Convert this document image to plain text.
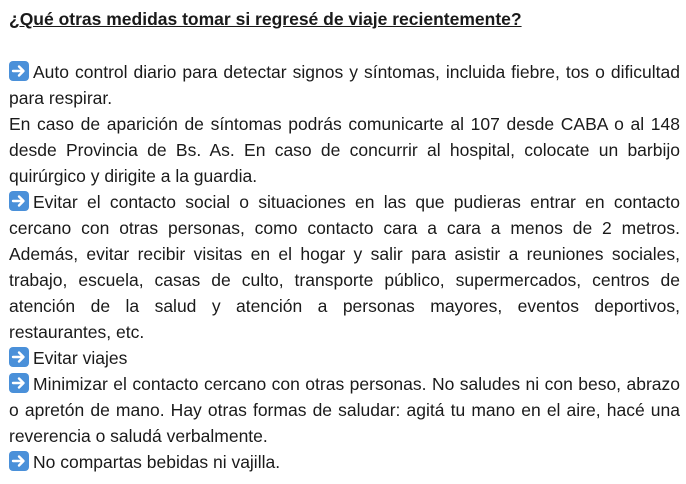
¿Qué otras medidas tomar si regresé de viaje recientemente?

Auto control diario para detectar signos y síntomas, incluida fiebre, tos o dificultad para respirar.

En caso de aparición de síntomas podrás comunicarte al 107 desde CABA o al 148 desde Provincia de Bs. As. En caso de concurrir al hospital, colocate un barbijo quirúrgico y dirigite a la guardia.

Evitar el contacto social o situaciones en las que pudieras entrar en contacto cercano con otras personas, como contacto cara a cara a menos de 2 metros. Además, evitar recibir visitas en el hogar y salir para asistir a reuniones sociales, trabajo, escuela, casas de culto, transporte público, supermercados, centros de atención de la salud y atención a personas mayores, eventos deportivos, restaurantes, etc.

Evitar viajes

Minimizar el contacto cercano con otras personas. No saludes ni con beso, abrazo o apretón de mano. Hay otras formas de saludar: agitá tu mano en el aire, hacé una reverencia o saludá verbalmente.

No compartas bebidas ni vajilla.
